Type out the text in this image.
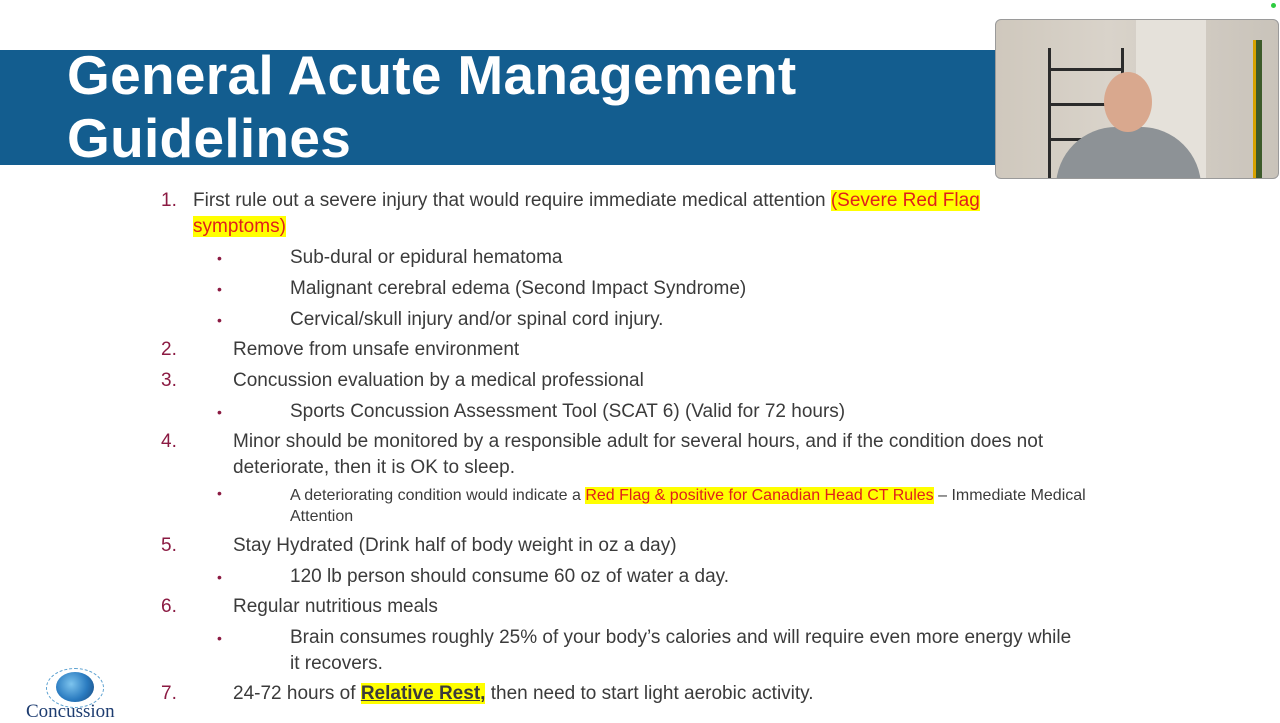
General Acute Management
Guidelines
1. First rule out a severe injury that would require immediate medical attention (Severe Red Flag
symptoms)
•	Sub-dural or epidural hematoma
•	Malignant cerebral edema (Second Impact Syndrome)
•	Cervical/skull injury and/or spinal cord injury.
2.	Remove from unsafe environment
3.	Concussion evaluation by a medical professional
•	Sports Concussion Assessment Tool (SCAT 6) (Valid for 72 hours)
4.	Minor should be monitored by a responsible adult for several hours, and if the condition does not
deteriorate, then it is OK to sleep.
•	A deteriorating condition would indicate a Red Flag & positive for Canadian Head CT Rules – Immediate Medical
Attention
5.	Stay Hydrated (Drink half of body weight in oz a day)
•	120 lb person should consume 60 oz of water a day.
6.	Regular nutritious meals
•	Brain consumes roughly 25% of your body’s calories and will require even more energy while
it recovers.
7.	24-72 hours of Relative Rest, then need to start light aerobic activity.
Concussion
